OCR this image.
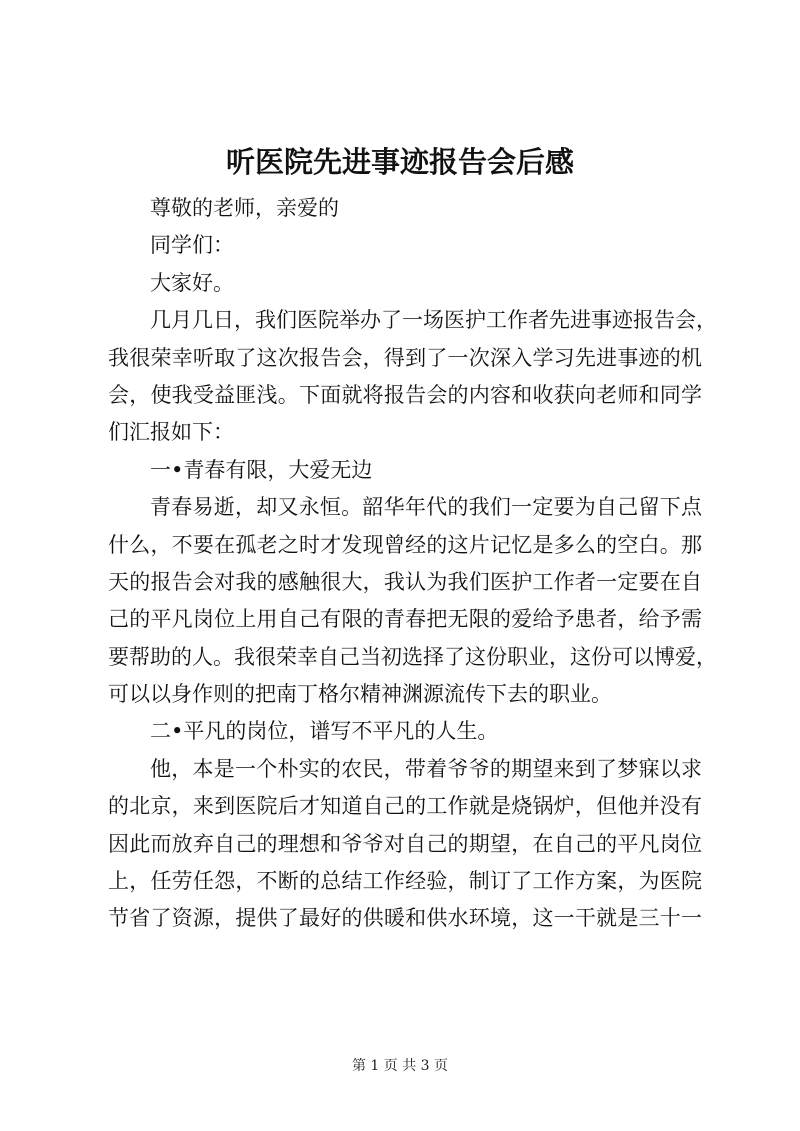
听医院先进事迹报告会后感
尊敬的老师，亲爱的
同学们：
大家好。
几月几日，我们医院举办了一场医护工作者先进事迹报告会，
我很荣幸听取了这次报告会，得到了一次深入学习先进事迹的机
会，使我受益匪浅。下面就将报告会的内容和收获向老师和同学
们汇报如下：
一•青春有限，大爱无边
青春易逝，却又永恒。韶华年代的我们一定要为自己留下点
什么，不要在孤老之时才发现曾经的这片记忆是多么的空白。那
天的报告会对我的感触很大，我认为我们医护工作者一定要在自
己的平凡岗位上用自己有限的青春把无限的爱给予患者，给予需
要帮助的人。我很荣幸自己当初选择了这份职业，这份可以博爱，
可以以身作则的把南丁格尔精神渊源流传下去的职业。
二•平凡的岗位，谱写不平凡的人生。
他，本是一个朴实的农民，带着爷爷的期望来到了梦寐以求
的北京，来到医院后才知道自己的工作就是烧锅炉，但他并没有
因此而放弃自己的理想和爷爷对自己的期望，在自己的平凡岗位
上，任劳任怨，不断的总结工作经验，制订了工作方案，为医院
节省了资源，提供了最好的供暖和供水环境，这一干就是三十一
第 1 页 共 3 页
